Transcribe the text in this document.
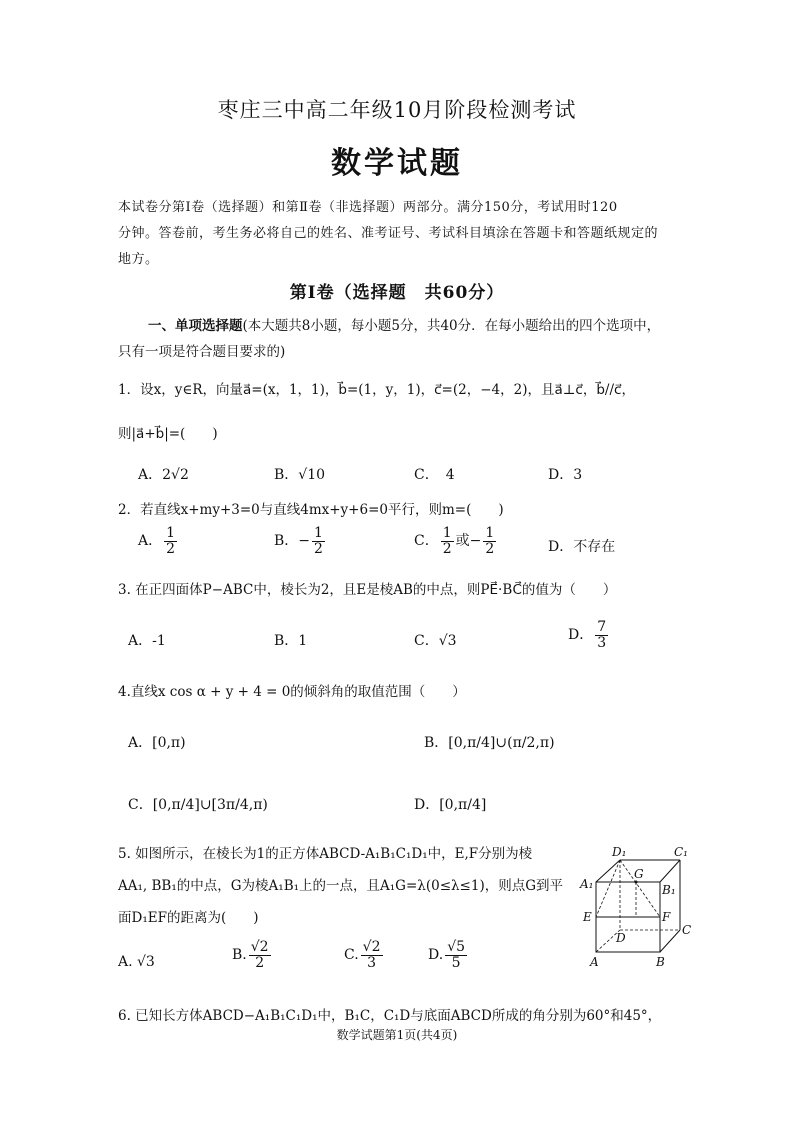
枣庄三中高二年级10月阶段检测考试
数学试题
本试卷分第Ⅰ卷（选择题）和第Ⅱ卷（非选择题）两部分。满分150分，考试用时120
分钟。答卷前，考生务必将自己的姓名、准考证号、考试科目填涂在答题卡和答题纸规定的
地方。
第Ⅰ卷（选择题　共60分）
一、单项选择题(本大题共8小题，每小题5分，共40分．在每小题给出的四个选项中，
只有一项是符合题目要求的)
1．设x，y∈R，向量a⃗=(x，1，1)，b⃗=(1，y，1)，c⃗=(2，−4，2)，且a⃗⊥c⃗，b⃗//c⃗，
则|a⃗+b⃗|=(　　)
A．2√2	B．√10	C．　4	D．3
2．若直线x+my+3=0与直线4mx+y+6=0平行，则m=(　　)
A． $\frac{1}{2}$	B．− $\frac{1}{2}$	C． $\frac{1}{2}$ 或− $\frac{1}{2}$	D．不存在
3. 在正四面体P−ABC中，棱长为2，且E是棱AB的中点，则PE⃗·BC⃗的值为（　　）
A．-1	B．1	C．√3	D． $\frac{7}{3}$
4.直线x cos α + y + 4 = 0的倾斜角的取值范围（　　）
A．[0,π)	B．[0,π/4]∪(π/2,π)
C．[0,π/4]∪[3π/4,π)	D．[0,π/4]
5. 如图所示，在棱长为1的正方体ABCD-A₁B₁C₁D₁中，E,F分别为棱
AA₁, BB₁的中点，G为棱A₁B₁上的一点，且A₁G=λ(0≤λ≤1)，则点G到平
面D₁EF的距离为(　　)
A. √3	B. $\frac{√2}{2}$	C. $\frac{√2}{3}$	D. $\frac{√5}{5}$
D₁	C₁
A₁	B₁
G
E	F
D
C
A	B
6. 已知长方体ABCD−A₁B₁C₁D₁中，B₁C，C₁D与底面ABCD所成的角分别为60°和45°，
数学试题第1页(共4页)
